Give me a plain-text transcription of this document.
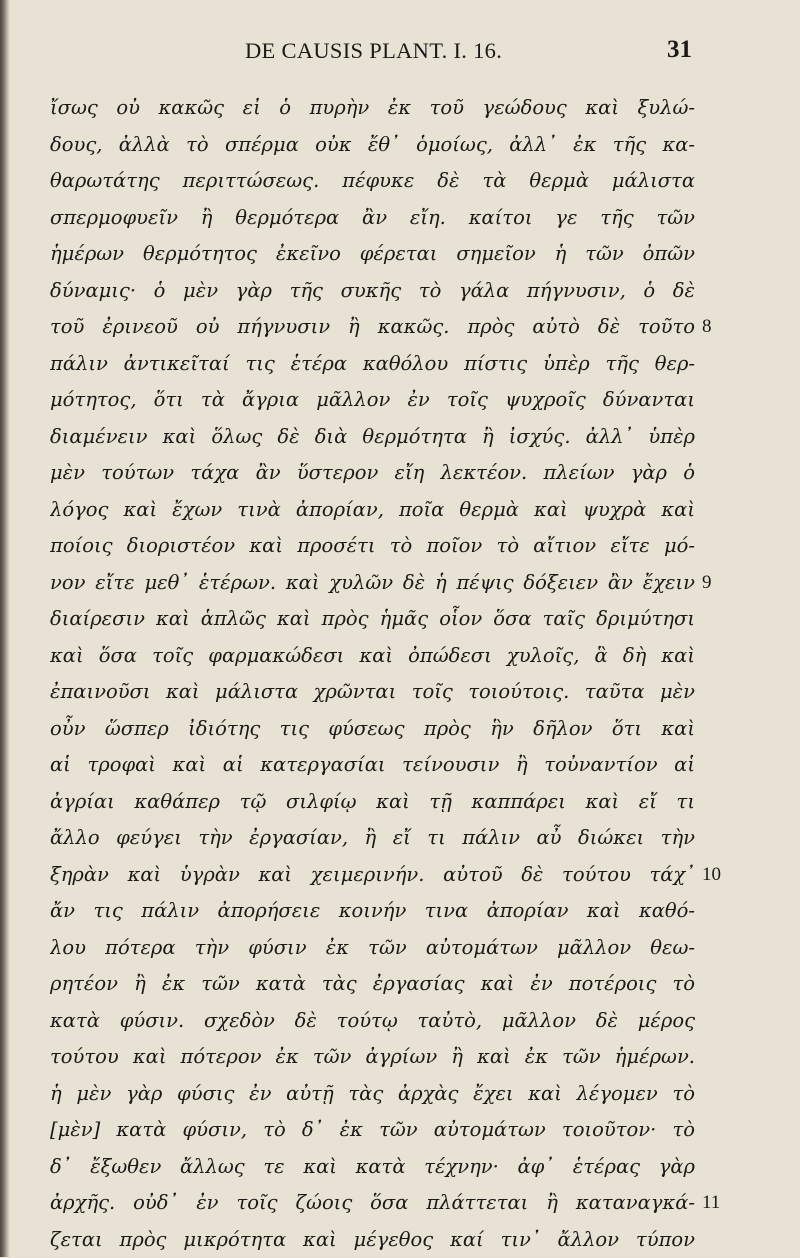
DE CAUSIS PLANT. I. 16.	31
ἴσως οὐ κακῶς εἰ ὁ πυρὴν ἐκ τοῦ γεώδους καὶ ξυλώ-
δους, ἀλλὰ τὸ σπέρμα οὐκ ἔθ᾽ ὁμοίως, ἀλλ᾽ ἐκ τῆς κα-
θαρωτάτης περιττώσεως. πέφυκε δὲ τὰ θερμὰ μάλιστα
σπερμοφυεῖν ἢ θερμότερα ἂν εἴη. καίτοι γε τῆς τῶν
ἡμέρων θερμότητος ἐκεῖνο φέρεται σημεῖον ἡ τῶν ὀπῶν
δύναμις· ὁ μὲν γὰρ τῆς συκῆς τὸ γάλα πήγνυσιν, ὁ δὲ
τοῦ ἐρινεοῦ οὐ πήγνυσιν ἢ κακῶς. πρὸς αὐτὸ δὲ τοῦτο
πάλιν ἀντικεῖταί τις ἑτέρα καθόλου πίστις ὑπὲρ τῆς θερ-
μότητος, ὅτι τὰ ἄγρια μᾶλλον ἐν τοῖς ψυχροῖς δύνανται
διαμένειν καὶ ὅλως δὲ διὰ θερμότητα ἢ ἰσχύς. ἀλλ᾽ ὑπὲρ
μὲν τούτων τάχα ἂν ὕστερον εἴη λεκτέον. πλείων γὰρ ὁ
λόγος καὶ ἔχων τινὰ ἀπορίαν, ποῖα θερμὰ καὶ ψυχρὰ καὶ
ποίοις διοριστέον καὶ προσέτι τὸ ποῖον τὸ αἴτιον εἴτε μό-
νον εἴτε μεθ᾽ ἑτέρων. καὶ χυλῶν δὲ ἡ πέψις δόξειεν ἂν ἔχειν
διαίρεσιν καὶ ἁπλῶς καὶ πρὸς ἡμᾶς οἷον ὅσα ταῖς δριμύτησι
καὶ ὅσα τοῖς φαρμακώδεσι καὶ ὀπώδεσι χυλοῖς, ἃ δὴ καὶ
ἐπαινοῦσι καὶ μάλιστα χρῶνται τοῖς τοιούτοις. ταῦτα μὲν
οὖν ὥσπερ ἰδιότης τις φύσεως πρὸς ἣν δῆλον ὅτι καὶ
αἱ τροφαὶ καὶ αἱ κατεργασίαι τείνουσιν ἢ τοὐναντίον αἱ
ἀγρίαι καθάπερ τῷ σιλφίῳ καὶ τῇ καππάρει καὶ εἴ τι
ἄλλο φεύγει τὴν ἐργασίαν, ἢ εἴ τι πάλιν αὖ διώκει τὴν
ξηρὰν καὶ ὑγρὰν καὶ χειμερινήν. αὐτοῦ δὲ τούτου τάχ᾽
ἄν τις πάλιν ἀπορήσειε κοινήν τινα ἀπορίαν καὶ καθό-
λου πότερα τὴν φύσιν ἐκ τῶν αὐτομάτων μᾶλλον θεω-
ρητέον ἢ ἐκ τῶν κατὰ τὰς ἐργασίας καὶ ἐν ποτέροις τὸ
κατὰ φύσιν. σχεδὸν δὲ τούτῳ ταὐτὸ, μᾶλλον δὲ μέρος
τούτου καὶ πότερον ἐκ τῶν ἀγρίων ἢ καὶ ἐκ τῶν ἡμέρων.
ἡ μὲν γὰρ φύσις ἐν αὐτῇ τὰς ἀρχὰς ἔχει καὶ λέγομεν τὸ
[μὲν] κατὰ φύσιν, τὸ δ᾽ ἐκ τῶν αὐτομάτων τοιοῦτον· τὸ
δ᾽ ἔξωθεν ἄλλως τε καὶ κατὰ τέχνην· ἀφ᾽ ἑτέρας γὰρ
ἀρχῆς. οὐδ᾽ ἐν τοῖς ζώοις ὅσα πλάττεται ἢ καταναγκά-
ζεται πρὸς μικρότητα καὶ μέγεθος καί τιν᾽ ἄλλον τύπον
8
9
10
11
